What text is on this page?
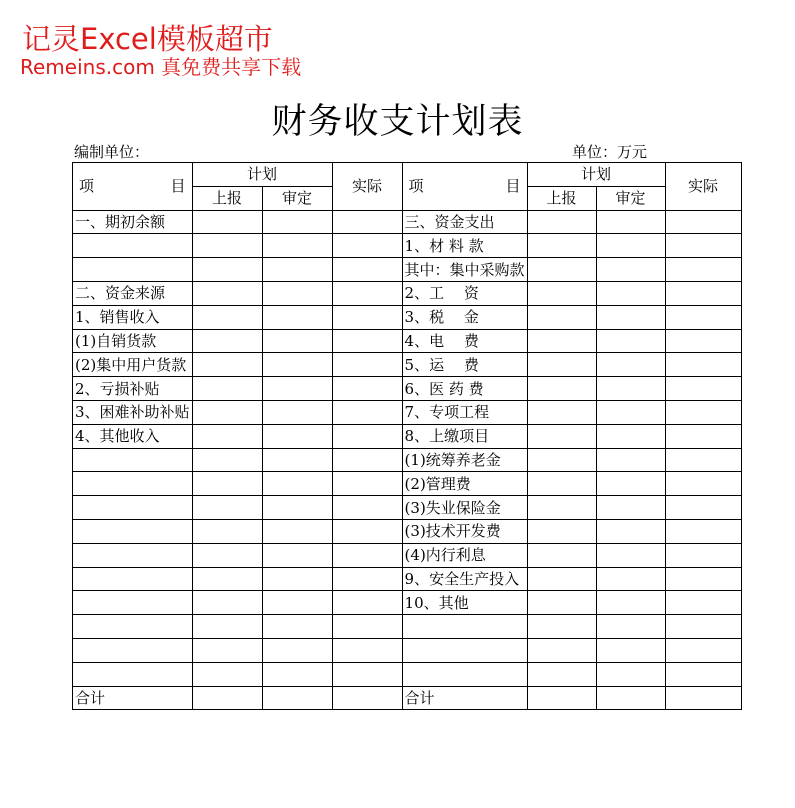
记灵Excel模板超市
Remeins.com 真免费共享下载
财务收支计划表
编制单位：	单位：万元
项 目	计划		实际	项 目	计划		实际
	上报	审定			上报	审定	
一、期初余额				三、资金支出			
				1、材 料 款			
				其中：集中采购款			
二、资金来源				2、工　 资			
1、销售收入				3、税　 金			
(1)自销货款				4、电　 费			
(2)集中用户货款				5、运　 费			
2、亏损补贴				6、医 药 费			
3、困难补助补贴				7、专项工程			
4、其他收入				8、上缴项目			
				(1)统筹养老金			
				(2)管理费			
				(3)失业保险金			
				(3)技术开发费			
				(4)内行利息			
				9、安全生产投入			
				10、其他			

合计				合计			
